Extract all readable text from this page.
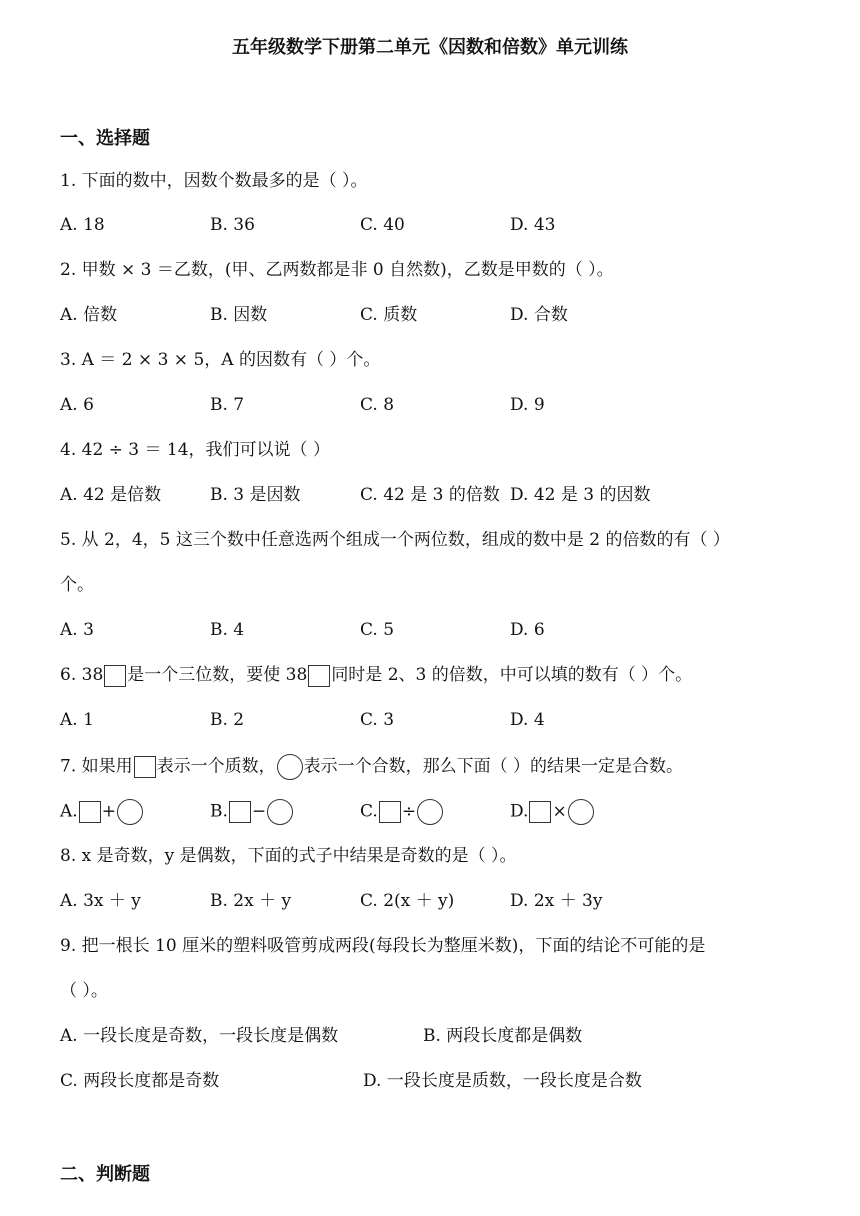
五年级数学下册第二单元《因数和倍数》单元训练
一、选择题
1. 下面的数中，因数个数最多的是（ ）。
A. 18	B. 36	C. 40	D. 43
2. 甲数 × 3 ＝乙数，(甲、乙两数都是非 0 自然数)，乙数是甲数的（ ）。
A. 倍数	B. 因数	C. 质数	D. 合数
3. A ＝ 2 × 3 × 5，A 的因数有（ ）个。
A. 6	B. 7	C. 8	D. 9
4. 42 ÷ 3 ＝ 14，我们可以说（ ）
A. 42 是倍数	B. 3 是因数	C. 42 是 3 的倍数 D. 42 是 3 的因数
5. 从 2，4，5 这三个数中任意选两个组成一个两位数，组成的数中是 2 的倍数的有（ ）
个。
A. 3	B. 4	C. 5	D. 6
6. 38 是一个三位数，要使 38 同时是 2、3 的倍数，中可以填的数有（ ）个。
A. 1	B. 2	C. 3	D. 4
7. 如果用 表示一个质数， 表示一个合数，那么下面（ ）的结果一定是合数。
A. +	B. −	C. ÷	D. ×
8. x 是奇数，y 是偶数，下面的式子中结果是奇数的是（ ）。
A. 3x ＋ y	B. 2x ＋ y	C. 2(x ＋ y)	D. 2x ＋ 3y
9. 把一根长 10 厘米的塑料吸管剪成两段(每段长为整厘米数)，下面的结论不可能的是
（ ）。
A. 一段长度是奇数，一段长度是偶数	B. 两段长度都是偶数
C. 两段长度都是奇数	D. 一段长度是质数，一段长度是合数
二、判断题
